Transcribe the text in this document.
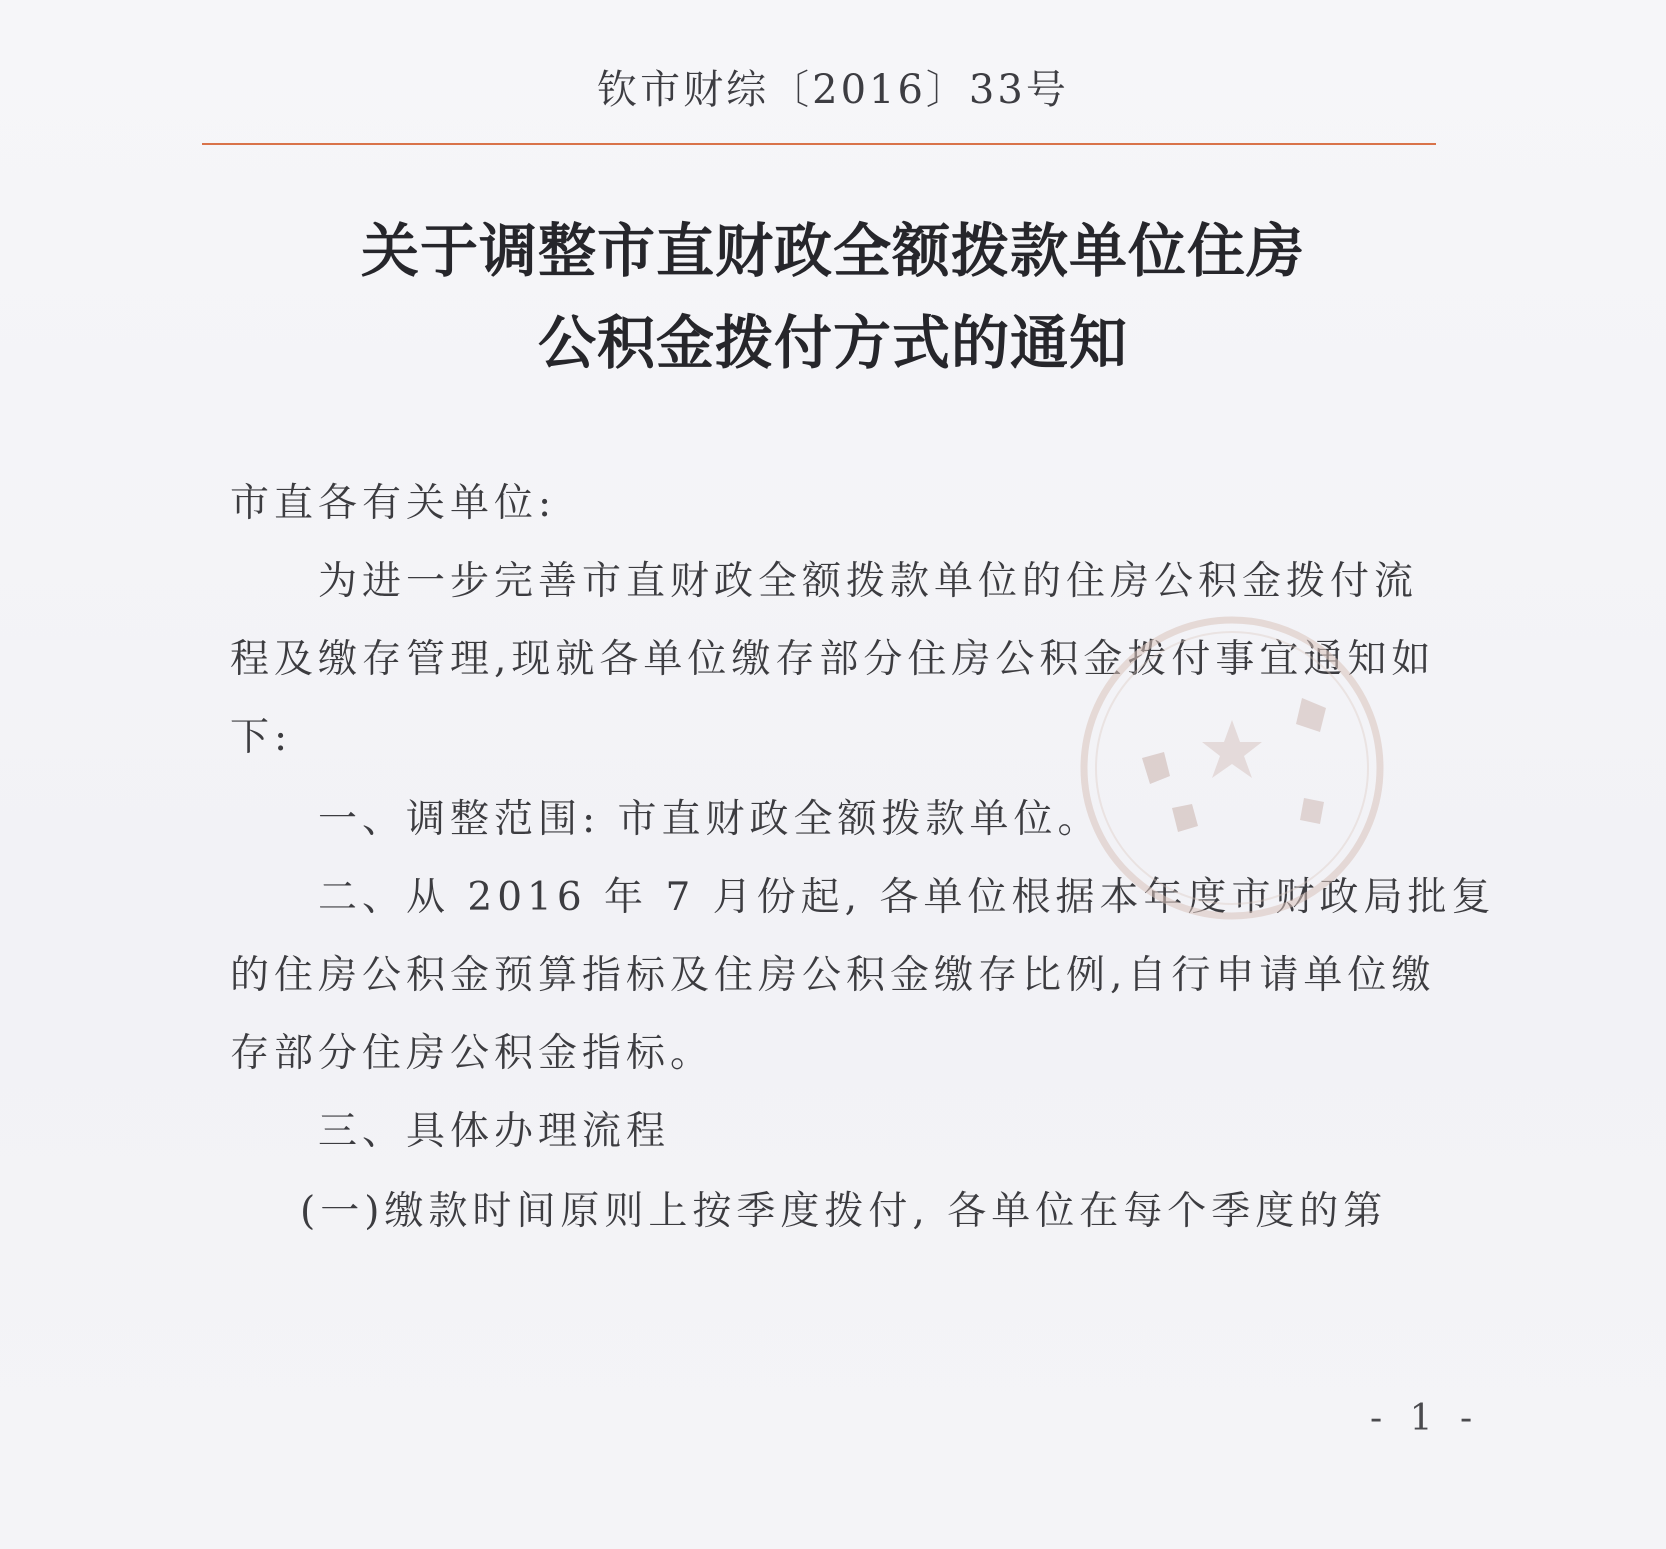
钦市财综〔2016〕33号
关于调整市直财政全额拨款单位住房
公积金拨付方式的通知
市直各有关单位:
为进一步完善市直财政全额拨款单位的住房公积金拨付流
程及缴存管理,现就各单位缴存部分住房公积金拨付事宜通知如
下:
一、调整范围: 市直财政全额拨款单位。
二、从 2016 年 7 月份起, 各单位根据本年度市财政局批复
的住房公积金预算指标及住房公积金缴存比例,自行申请单位缴
存部分住房公积金指标。
三、具体办理流程
(一)缴款时间原则上按季度拨付, 各单位在每个季度的第
- 1 -
